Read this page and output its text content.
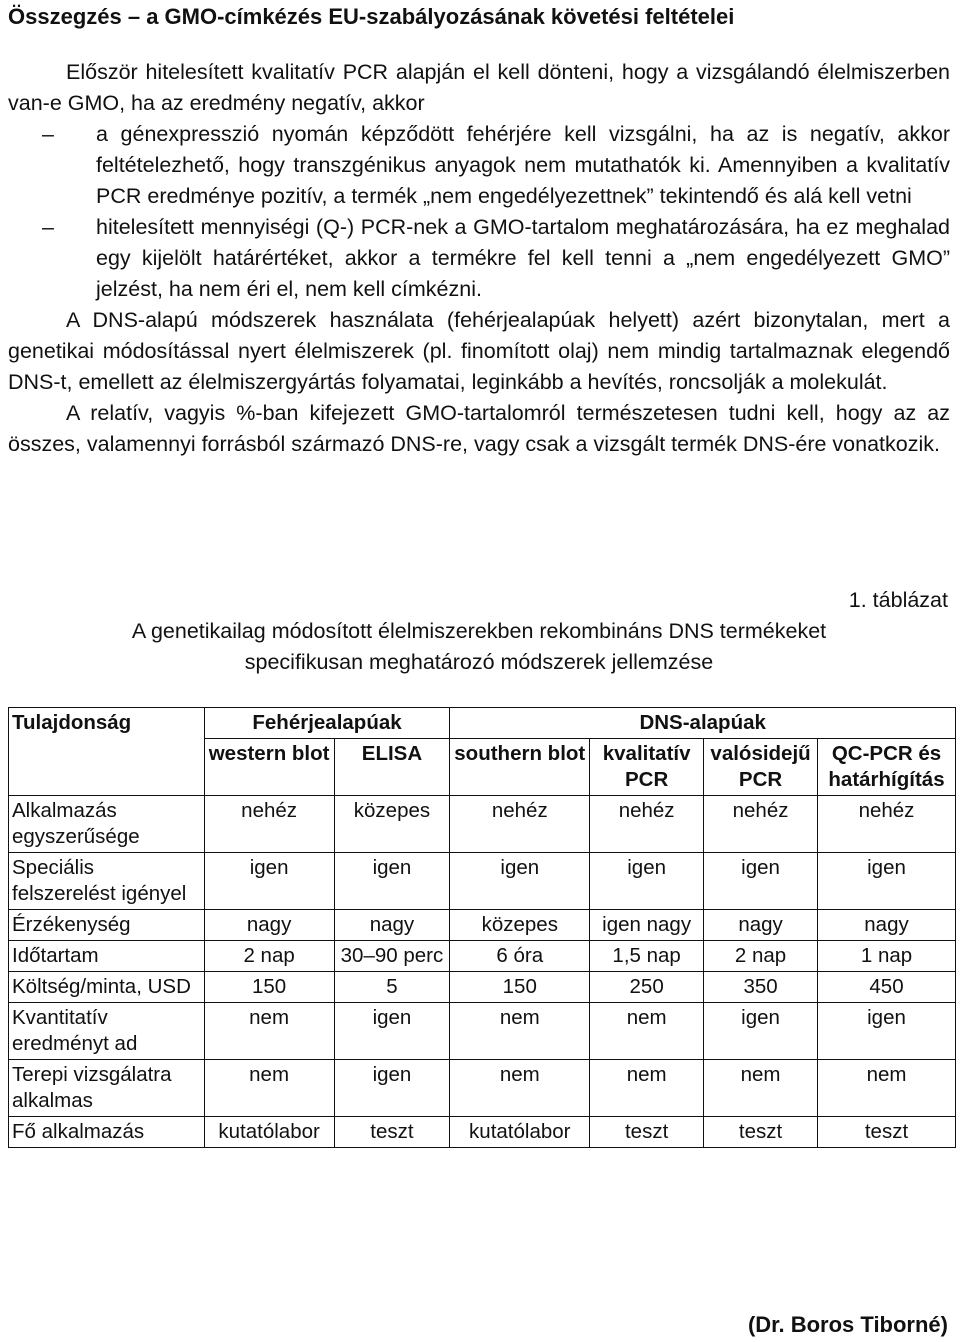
Összegzés – a GMO-címkézés EU-szabályozásának követési feltételei

Először hitelesített kvalitatív PCR alapján el kell dönteni, hogy a vizsgálandó élelmiszerben van-e GMO, ha az eredmény negatív, akkor

– a génexpresszió nyomán képződött fehérjére kell vizsgálni, ha az is negatív, akkor feltételezhető, hogy transzgénikus anyagok nem mutathatók ki. Amennyiben a kvalitatív PCR eredménye pozitív, a termék „nem engedélyezettnek” tekintendő és alá kell vetni

– hitelesített mennyiségi (Q-) PCR-nek a GMO-tartalom meghatározására, ha ez meghalad egy kijelölt határértéket, akkor a termékre fel kell tenni a „nem engedélyezett GMO” jelzést, ha nem éri el, nem kell címkézni.

A DNS-alapú módszerek használata (fehérjealapúak helyett) azért bizonytalan, mert a genetikai módosítással nyert élelmiszerek (pl. finomított olaj) nem mindig tartalmaznak elegendő DNS-t, emellett az élelmiszergyártás folyamatai, leginkább a hevítés, roncsolják a molekulát.

A relatív, vagyis %-ban kifejezett GMO-tartalomról természetesen tudni kell, hogy az az összes, valamennyi forrásból származó DNS-re, vagy csak a vizsgált termék DNS-ére vonatkozik.

1. táblázat
A genetikailag módosított élelmiszerekben rekombináns DNS termékeket
specifikusan meghatározó módszerek jellemzése
Tulajdonság	Fehérjealapúak		DNS-alapúak			
	western blot	ELISA	southern blot	kvalitatív PCR	valósidejű PCR	QC-PCR és határhígítás
Alkalmazás egyszerűsége	nehéz	közepes	nehéz	nehéz	nehéz	nehéz
Speciális felszerelést igényel	igen	igen	igen	igen	igen	igen
Érzékenység	nagy	nagy	közepes	igen nagy	nagy	nagy
Időtartam	2 nap	30–90 perc	6 óra	1,5 nap	2 nap	1 nap
Költség/minta, USD	150	5	150	250	350	450
Kvantitatív eredményt ad	nem	igen	nem	nem	igen	igen
Terepi vizsgálatra alkalmas	nem	igen	nem	nem	nem	nem
Fő alkalmazás	kutatólabor	teszt	kutatólabor	teszt	teszt	teszt
(Dr. Boros Tiborné)
